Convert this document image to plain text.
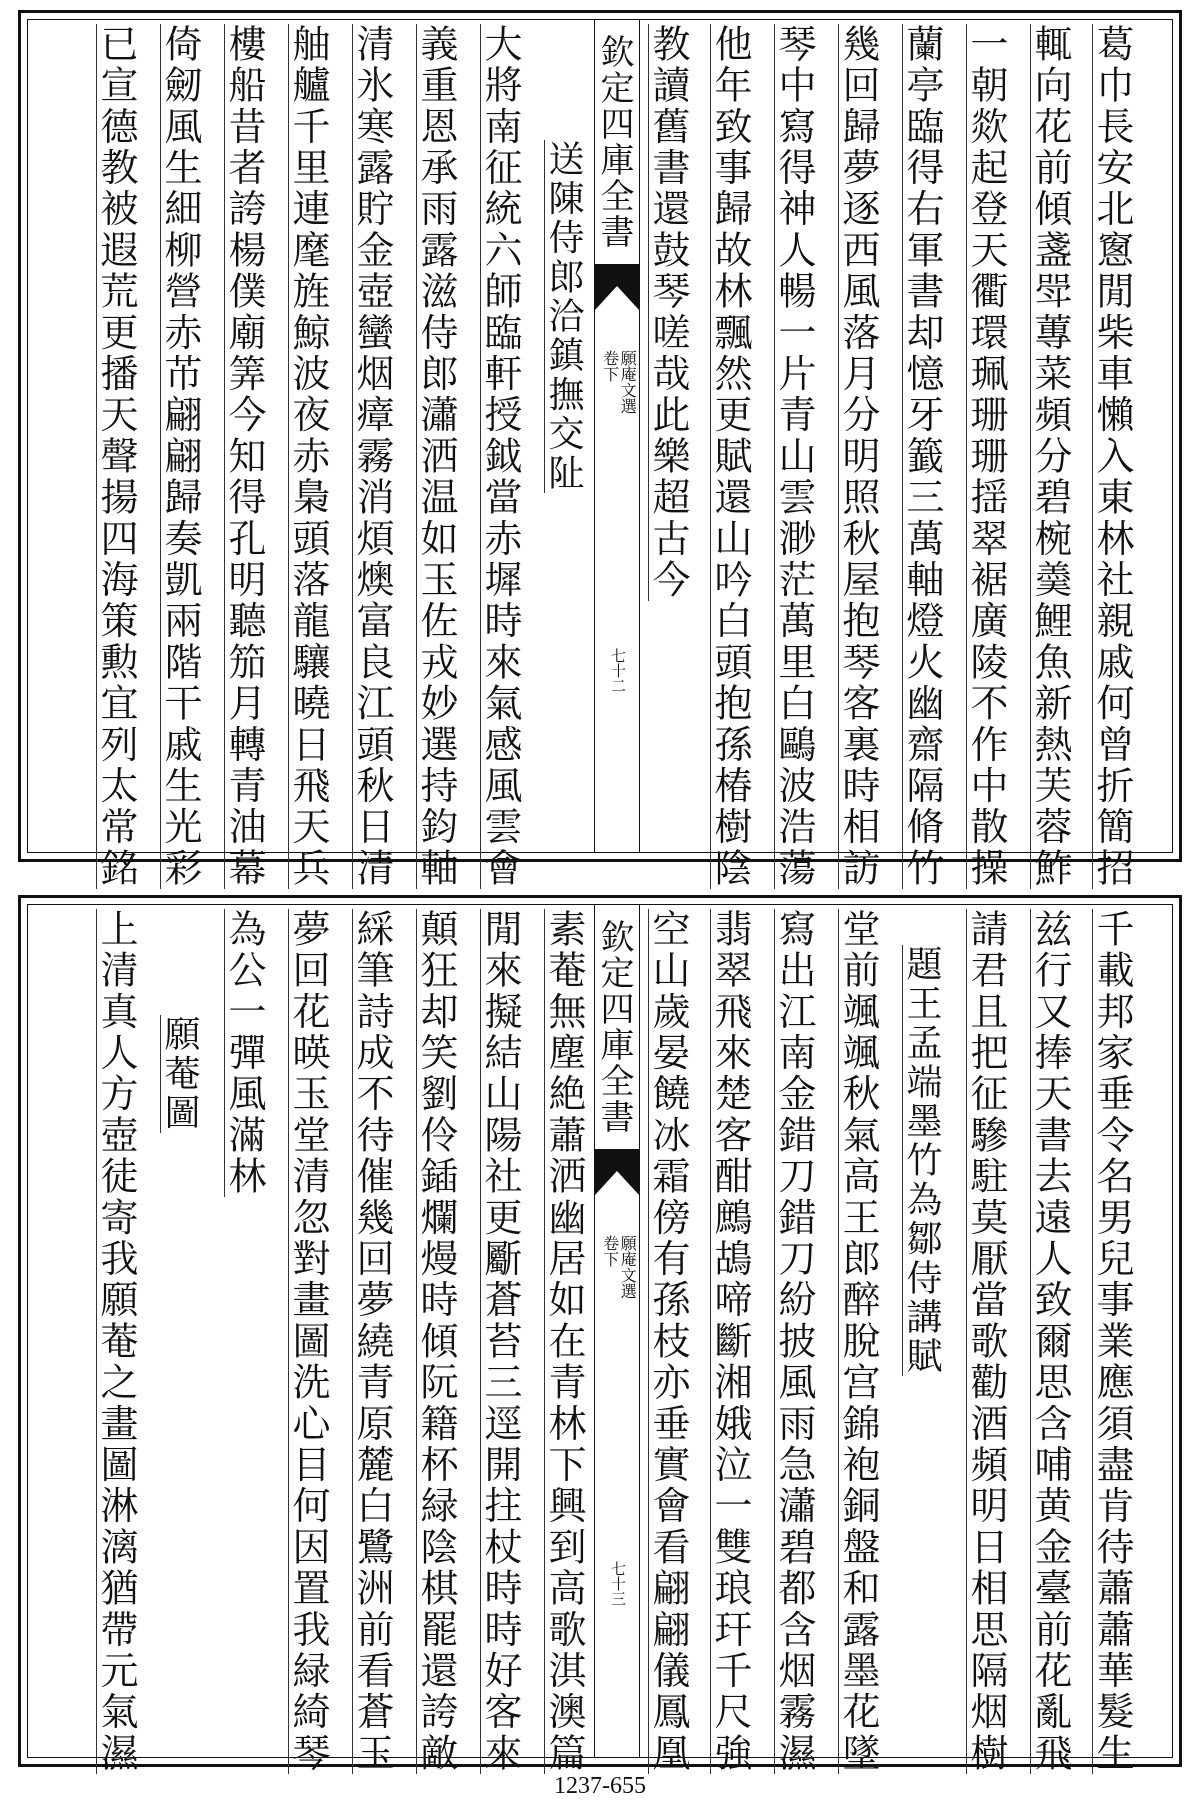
葛巾長安北窻閒柴車懶入東林社親戚何曾折簡招
輒向花前傾盞斝蓴菜頻分碧椀羮鯉魚新熱芙蓉鮓
一朝欻起登天衢環珮珊珊揺翠裾廣陵不作中散操
蘭亭臨得右軍書却憶牙籖三萬軸燈火幽齋隔脩竹
幾回歸夢逐西風落月分明照秋屋抱琴客裏時相訪
琴中寫得神人暢一片青山雲渺茫萬里白鷗波浩蕩
他年致事歸故林飄然更賦還山吟白頭抱孫椿樹陰
教讀舊書還鼓琴嗟哉此樂超古今
欽定四庫全書
願庵文選
卷下
七十二
送陳侍郎洽鎮撫交阯
大將南征統六師臨軒授鉞當赤墀時來氣感風雲會
義重恩承雨露滋侍郎瀟洒温如玉佐戎妙選持鈞軸
清氷寒露貯金壺蠻烟瘴霧消煩燠富良江頭秋日清
舳艫千里連麾旌鯨波夜赤梟頭落龍驤曉日飛天兵
樓船昔者誇楊僕廟筭今知得孔明聽笳月轉青油幕
倚劒風生細柳營赤芇翩翩歸奏凱兩階干戚生光彩
已宣德教被遐荒更播天聲揚四海策勲宜列太常銘
千載邦家垂令名男兒事業應須盡肯待蕭蕭華髮生
兹行又捧天書去遠人致爾思含哺黄金臺前花亂飛
請君且把征驂駐莫厭當歌勸酒頻明日相思隔烟樹
題王孟端墨竹為鄒侍講賦
堂前颯颯秋氣高王郎醉脫宫錦袍銅盤和露墨花墜
寫出江南金錯刀錯刀紛披風雨急瀟碧都含烟霧濕
翡翠飛來楚客酣鷓鴣啼斷湘娥泣一雙琅玕千尺強
空山歲晏饒冰霜傍有孫枝亦垂實會看翩翩儀鳳凰
欽定四庫全書
願庵文選
卷下
七十三
素菴無塵絶蕭洒幽居如在青林下興到高歌淇澳篇
閒來擬結山陽社更斸蒼苔三逕開拄杖時時好客來
顛狂却笑劉伶鍤爛熳時傾阮籍杯緑陰棋罷還誇敵
綵筆詩成不待催幾回夢繞青原麓白鷺洲前看蒼玉
夢回花暎玉堂清忽對畫圖洗心目何因置我緑綺琴
為公一彈風滿林
願菴圖
上清真人方壺徒寄我願菴之畫圖淋漓猶帶元氣濕
1237-655
